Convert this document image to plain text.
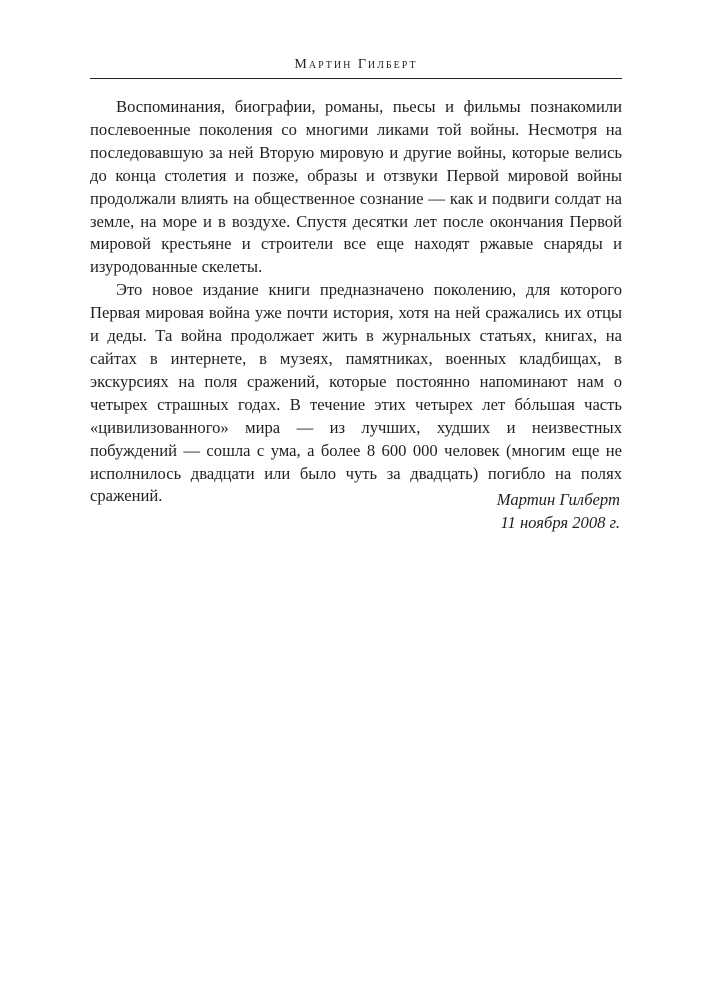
Мартин Гилберт

Воспоминания, биографии, романы, пьесы и фильмы познакомили послевоенные поколения со многими ликами той войны. Несмотря на последовавшую за ней Вторую мировую и другие войны, которые велись до конца столетия и позже, образы и отзвуки Первой мировой войны продолжали влиять на общественное сознание — как и подвиги солдат на земле, на море и в воздухе. Спустя десятки лет после окончания Первой мировой крестьяне и строители все еще находят ржавые снаряды и изуродованные скелеты.

Это новое издание книги предназначено поколению, для которого Первая мировая война уже почти история, хотя на ней сражались их отцы и деды. Та война продолжает жить в журнальных статьях, книгах, на сайтах в интернете, в музеях, памятниках, военных кладбищах, в экскурсиях на поля сражений, которые постоянно напоминают нам о четырех страшных годах. В течение этих четырех лет бóльшая часть «цивилизованного» мира — из лучших, худших и неизвестных побуждений — сошла с ума, а более 8 600 000 человек (многим еще не исполнилось двадцати или было чуть за двадцать) погибло на полях сражений.	Мартин Гилберт
11 ноября 2008 г.
